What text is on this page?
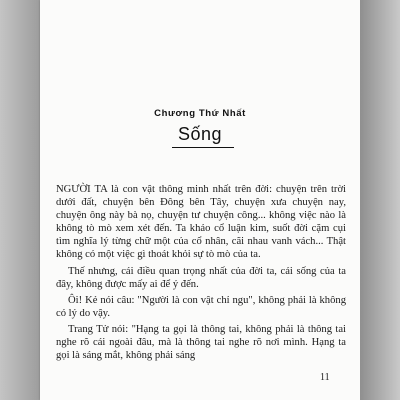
Chương Thứ Nhất
Sống

NGƯỜI TA là con vật thông minh nhất trên đời: chuyện trên trời dưới đất, chuyện bên Đông bên Tây, chuyện xưa chuyện nay, chuyện ông này bà nọ, chuyện tư chuyện công... không việc nào là không tò mò xem xét đến. Ta khảo cổ luận kim, suốt đời cặm cụi tìm nghĩa lý từng chữ một của cổ nhân, cãi nhau vanh vách... Thật không có một việc gì thoát khỏi sự tò mò của ta.

Thế nhưng, cái điều quan trọng nhất của đời ta, cái sống của ta đây, không được mấy ai để ý đến.

Ôi! Kẻ nói câu: "Người là con vật chỉ ngu", không phải là không có lý do vậy.

Trang Tử nói: "Hạng ta gọi là thông tai, không phải là thông tai nghe rõ cái ngoài đâu, mà là thông tai nghe rõ nơi mình. Hạng ta gọi là sáng mắt, không phải sáng

11
